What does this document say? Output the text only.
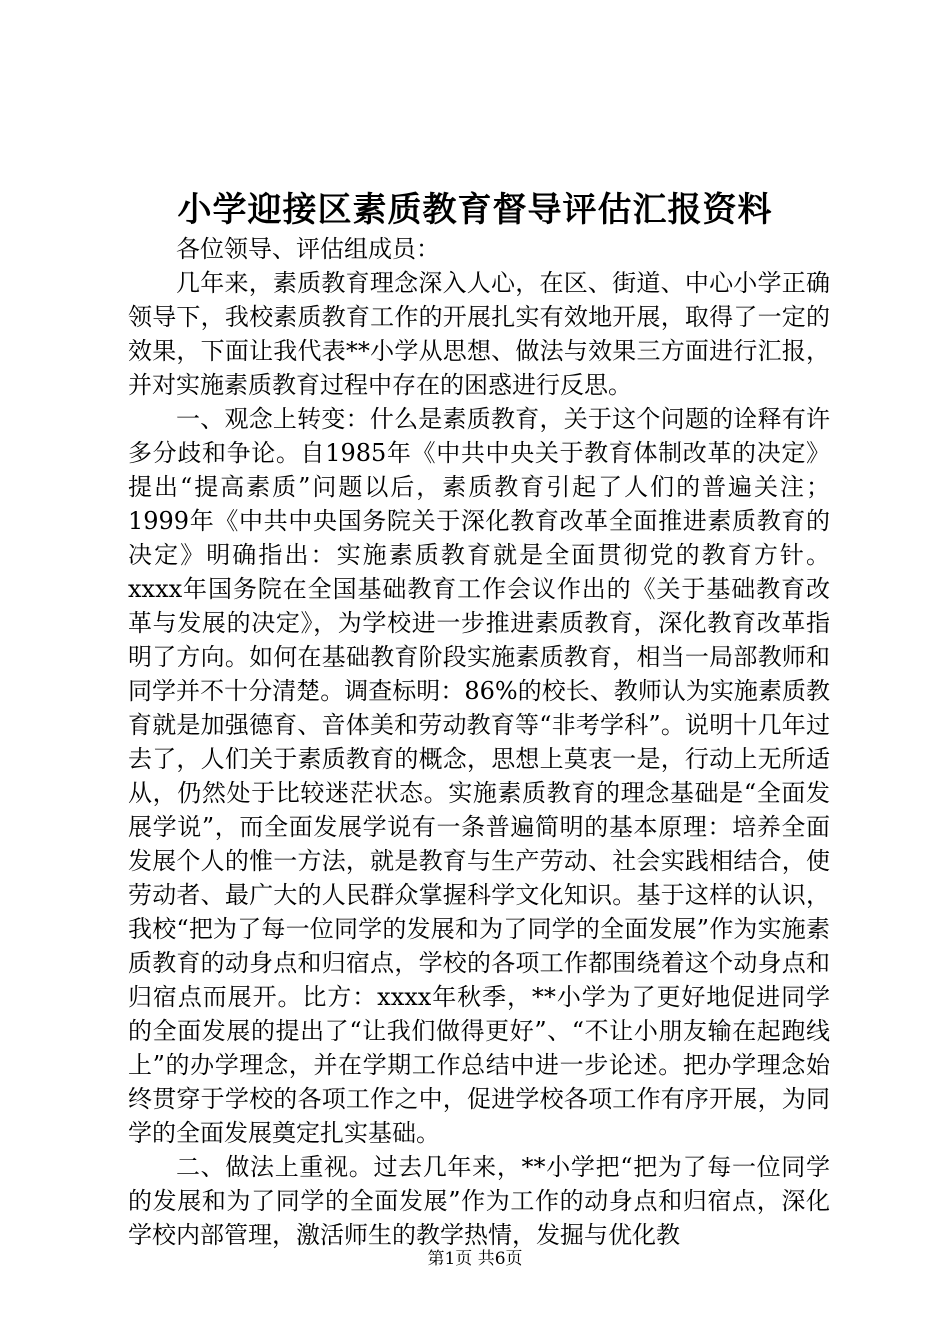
小学迎接区素质教育督导评估汇报资料

各位领导、评估组成员：

几年来，素质教育理念深入人心，在区、街道、中心小学正确领导下，我校素质教育工作的开展扎实有效地开展，取得了一定的效果，下面让我代表**小学从思想、做法与效果三方面进行汇报，并对实施素质教育过程中存在的困惑进行反思。

一、观念上转变：什么是素质教育，关于这个问题的诠释有许多分歧和争论。自1985年《中共中央关于教育体制改革的决定》提出“提高素质”问题以后，素质教育引起了人们的普遍关注；1999年《中共中央国务院关于深化教育改革全面推进素质教育的决定》明确指出：实施素质教育就是全面贯彻党的教育方针。xxxx年国务院在全国基础教育工作会议作出的《关于基础教育改革与发展的决定》，为学校进一步推进素质教育，深化教育改革指明了方向。如何在基础教育阶段实施素质教育，相当一局部教师和同学并不十分清楚。调查标明：86%的校长、教师认为实施素质教育就是加强德育、音体美和劳动教育等“非考学科”。说明十几年过去了，人们关于素质教育的概念，思想上莫衷一是，行动上无所适从，仍然处于比较迷茫状态。实施素质教育的理念基础是“全面发展学说”，而全面发展学说有一条普遍简明的基本原理：培养全面发展个人的惟一方法，就是教育与生产劳动、社会实践相结合，使劳动者、最广大的人民群众掌握科学文化知识。基于这样的认识，我校“把为了每一位同学的发展和为了同学的全面发展”作为实施素质教育的动身点和归宿点，学校的各项工作都围绕着这个动身点和归宿点而展开。比方：xxxx年秋季，**小学为了更好地促进同学的全面发展的提出了“让我们做得更好”、“不让小朋友输在起跑线上”的办学理念，并在学期工作总结中进一步论述。把办学理念始终贯穿于学校的各项工作之中，促进学校各项工作有序开展，为同学的全面发展奠定扎实基础。

二、做法上重视。过去几年来，**小学把“把为了每一位同学的发展和为了同学的全面发展”作为工作的动身点和归宿点，深化学校内部管理，激活师生的教学热情，发掘与优化教

第1页 共6页
